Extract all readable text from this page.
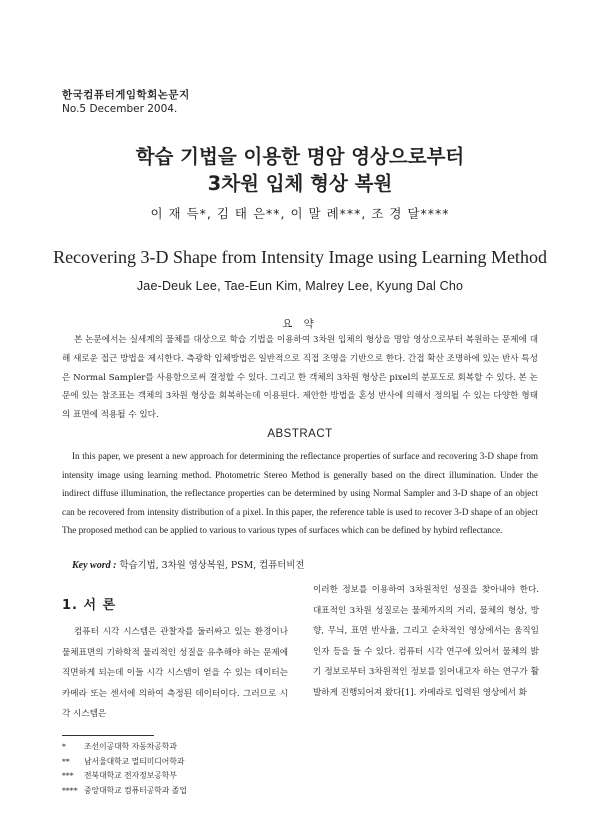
한국컴퓨터게임학회논문지
No.5 December 2004.
학습 기법을 이용한 명암 영상으로부터
3차원 입체 형상 복원
이 재 득*, 김 태 은**, 이 말 례***, 조 경 달****
Recovering 3-D Shape from Intensity Image using Learning Method
Jae-Deuk Lee, Tae-Eun Kim, Malrey Lee, Kyung Dal Cho
요 약
본 논문에서는 실세계의 물체를 대상으로 학습 기법을 이용하여 3차원 입체의 형상을 명암 영상으로부터 복원하는 문제에 대해 새로운 접근 방법을 제시한다. 측광학 입체방법은 일반적으로 직접 조명을 기반으로 한다. 간접 확산 조명하에 있는 반사 특성은 Normal Sampler를 사용함으로써 결정할 수 있다. 그리고 한 객체의 3차원 형상은 pixel의 분포도로 회복할 수 있다. 본 논문에 있는 참조표는 객체의 3차원 형상을 회복하는데 이용된다. 제안한 방법을 혼성 반사에 의해서 정의될 수 있는 다양한 형태의 표면에 적용될 수 있다.
ABSTRACT
In this paper, we present a new approach for determining the reflectance properties of surface and recovering 3-D shape from intensity image using learning method. Photometric Stereo Method is generally based on the direct illumination. Under the indirect diffuse illumination, the reflectance properties can be determined by using Normal Sampler and 3-D shape of an object can be recovered from intensity distribution of a pixel. In this paper, the reference table is used to recover 3-D shape of an object The proposed method can be applied to various to various types of surfaces which can be defined by hybird reflectance.
Key word : 학습기법, 3차원 영상복원, PSM, 컴퓨터비전
1. 서 론
컴퓨터 시각 시스템은 관찰자를 둘러싸고 있는 환경이나 물체표면의 기하학적 물리적인 성질을 유추해야 하는 문제에 직면하게 되는데 이들 시각 시스템이 얻을 수 있는 데이터는 카메라 또는 센서에 의하여 측정된 데이터이다. 그러므로 시각 시스템은
이러한 정보를 이용하여 3차원적인 성질을 찾아내야 한다. 대표적인 3차원 성질로는 물체까지의 거리, 물체의 형상, 방향, 무늬, 표면 반사율, 그리고 순차적인 영상에서는 움직임 인자 등을 들 수 있다. 컴퓨터 시각 연구에 있어서 물체의 밝기 정보로부터 3차원적인 정보를 읽어내고자 하는 연구가 활발하게 진행되어져 왔다[1]. 카메라로 입력된 영상에서 화
*	조선이공대학 자동차공학과
**	남서울대학교 멀티미디어학과
***	전북대학교 전자정보공학부
**** 중앙대학교 컴퓨터공학과 졸업
